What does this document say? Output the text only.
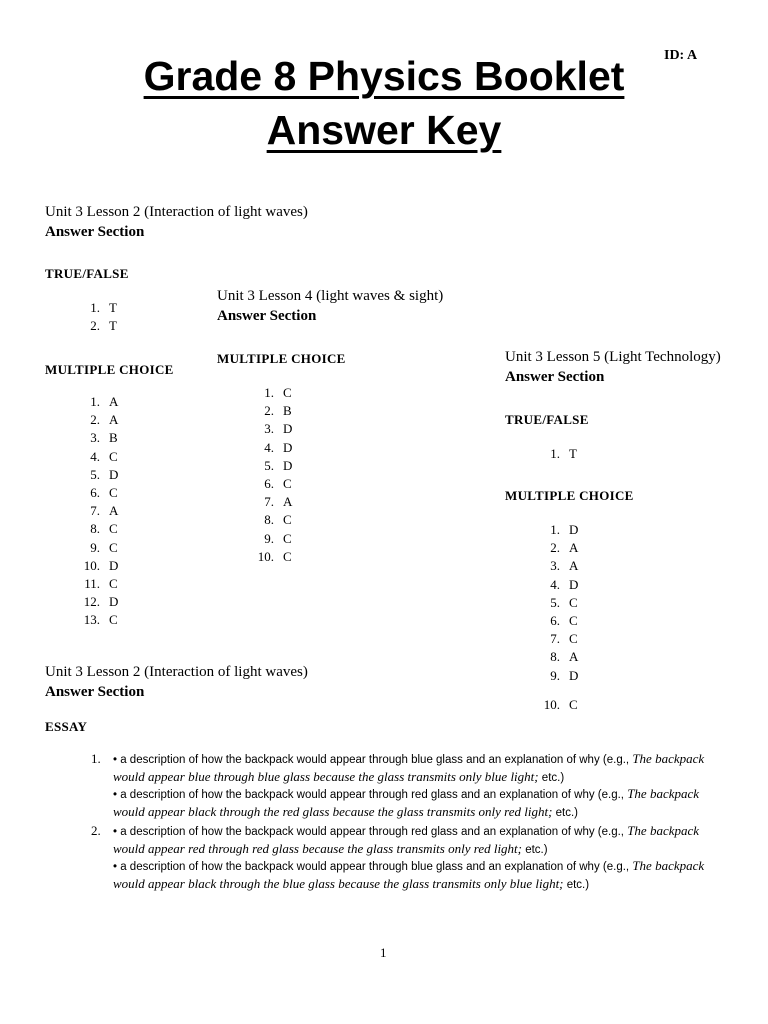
Grade 8 Physics Booklet
Answer Key
ID: A
Unit 3 Lesson 2 (Interaction of light waves)
Answer Section
TRUE/FALSE
1. T
2. T
MULTIPLE CHOICE
1. A
2. A
3. B
4. C
5. D
6. C
7. A
8. C
9. C
10. D
11. C
12. D
13. C
Unit 3 Lesson 4 (light waves & sight)
Answer Section
MULTIPLE CHOICE
1. C
2. B
3. D
4. D
5. D
6. C
7. A
8. C
9. C
10. C
Unit 3 Lesson 5 (Light Technology)
Answer Section
TRUE/FALSE
1. T
MULTIPLE CHOICE
1. D
2. A
3. A
4. D
5. C
6. C
7. C
8. A
9. D
10. C
Unit 3 Lesson 2 (Interaction of light waves)
Answer Section
ESSAY
1.	• a description of how the backpack would appear through blue glass and an explanation of why (e.g., The backpack would appear blue through blue glass because the glass transmits only blue light; etc.)
• a description of how the backpack would appear through red glass and an explanation of why (e.g., The backpack would appear black through the red glass because the glass transmits only red light; etc.)
2.	• a description of how the backpack would appear through red glass and an explanation of why (e.g., The backpack would appear red through red glass because the glass transmits only red light; etc.)
• a description of how the backpack would appear through blue glass and an explanation of why (e.g., The backpack would appear black through the blue glass because the glass transmits only blue light; etc.)
1
